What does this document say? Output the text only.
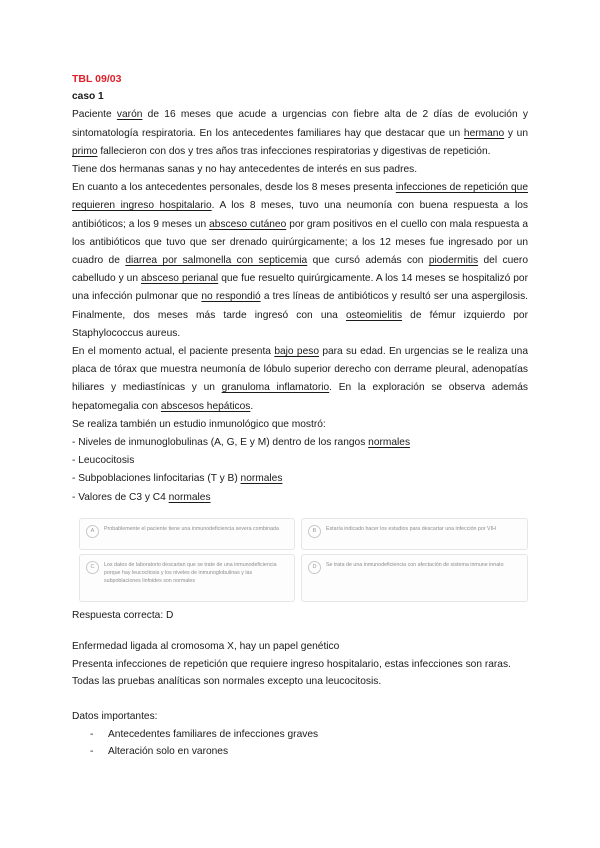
TBL 09/03
caso 1

Paciente varón de 16 meses que acude a urgencias con fiebre alta de 2 días de evolución y sintomatología respiratoria. En los antecedentes familiares hay que destacar que un hermano y un primo fallecieron con dos y tres años tras infecciones respiratorias y digestivas de repetición.

Tiene dos hermanas sanas y no hay antecedentes de interés en sus padres.

En cuanto a los antecedentes personales, desde los 8 meses presenta infecciones de repetición que requieren ingreso hospitalario. A los 8 meses, tuvo una neumonía con buena respuesta a los antibióticos; a los 9 meses un absceso cutáneo por gram positivos en el cuello con mala respuesta a los antibióticos que tuvo que ser drenado quirúrgicamente; a los 12 meses fue ingresado por un cuadro de diarrea por salmonella con septicemia que cursó además con piodermitis del cuero cabelludo y un absceso perianal que fue resuelto quirúrgicamente. A los 14 meses se hospitalizó por una infección pulmonar que no respondió a tres líneas de antibióticos y resultó ser una aspergilosis. Finalmente, dos meses más tarde ingresó con una osteomielitis de fémur izquierdo por Staphylococcus aureus.

En el momento actual, el paciente presenta bajo peso para su edad. En urgencias se le realiza una placa de tórax que muestra neumonía de lóbulo superior derecho con derrame pleural, adenopatías hiliares y mediastínicas y un granuloma inflamatorio. En la exploración se observa además hepatomegalia con abscesos hepáticos.

Se realiza también un estudio inmunológico que mostró:

- Niveles de inmunoglobulinas (A, G, E y M) dentro de los rangos normales

- Leucocitosis

- Subpoblaciones linfocitarias (T y B) normales

- Valores de C3 y C4 normales

A	Probablemente el paciente tiene una inmunodeficiencia severa combinada	B	Estaría indicado hacer los estudios para descartar una infección por VIH
C	Los datos de laboratorio descartan que se trate de una inmunodeficiencia porque hay leucocitosis y los niveles de inmunoglobulinas y las subpoblaciones linfoides son normales
D	Se trata de una inmunodeficiencia con afectación de sistema inmune innato
Respuesta correcta: D

Enfermedad ligada al cromosoma X, hay un papel genético

Presenta infecciones de repetición que requiere ingreso hospitalario, estas infecciones son raras.

Todas las pruebas analíticas son normales excepto una leucocitosis.

Datos importantes:

- Antecedentes familiares de infecciones graves
- Alteración solo en varones
